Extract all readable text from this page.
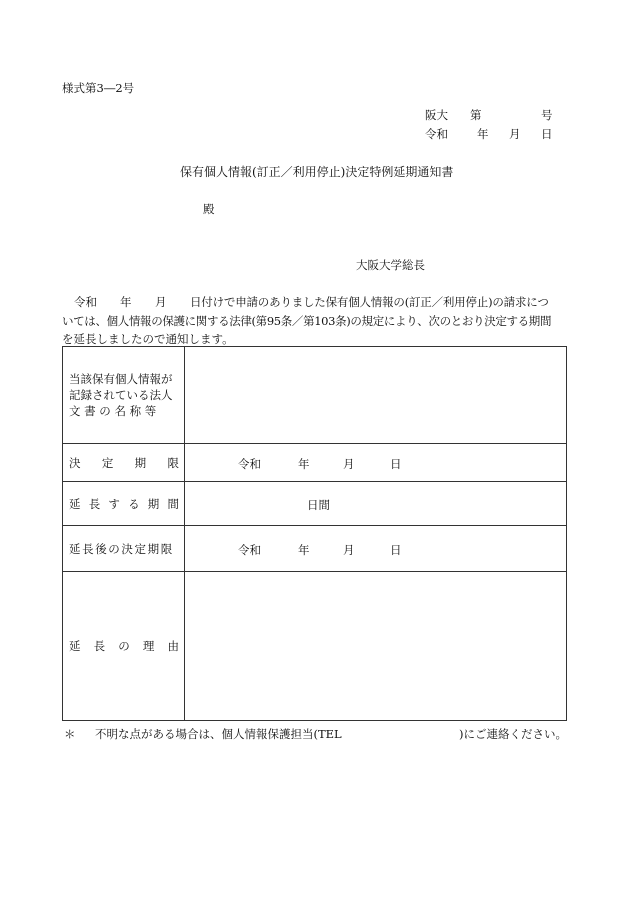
様式第3―2号
阪大 第	号
令和	年 月 日
保有個人情報(訂正／利用停止)決定特例延期通知書
殿
大阪大学総長
令和 年 月 日付けで申請のありました保有個人情報の(訂正／利用停止)の請求につ
いては、個人情報の保護に関する法律(第95条／第103条)の規定により、次のとおり決定する期間
を延長しましたので通知します。
当該保有個人情報が
記録されている法人
文 書 の 名 称 等
決 定 期 限	令和	年	月	日
延 長 す る 期 間	日間
延長後の決定期限	令和	年	月	日
延 長 の 理 由
＊ 不明な点がある場合は、個人情報保護担当(TEL	)にご連絡ください。
